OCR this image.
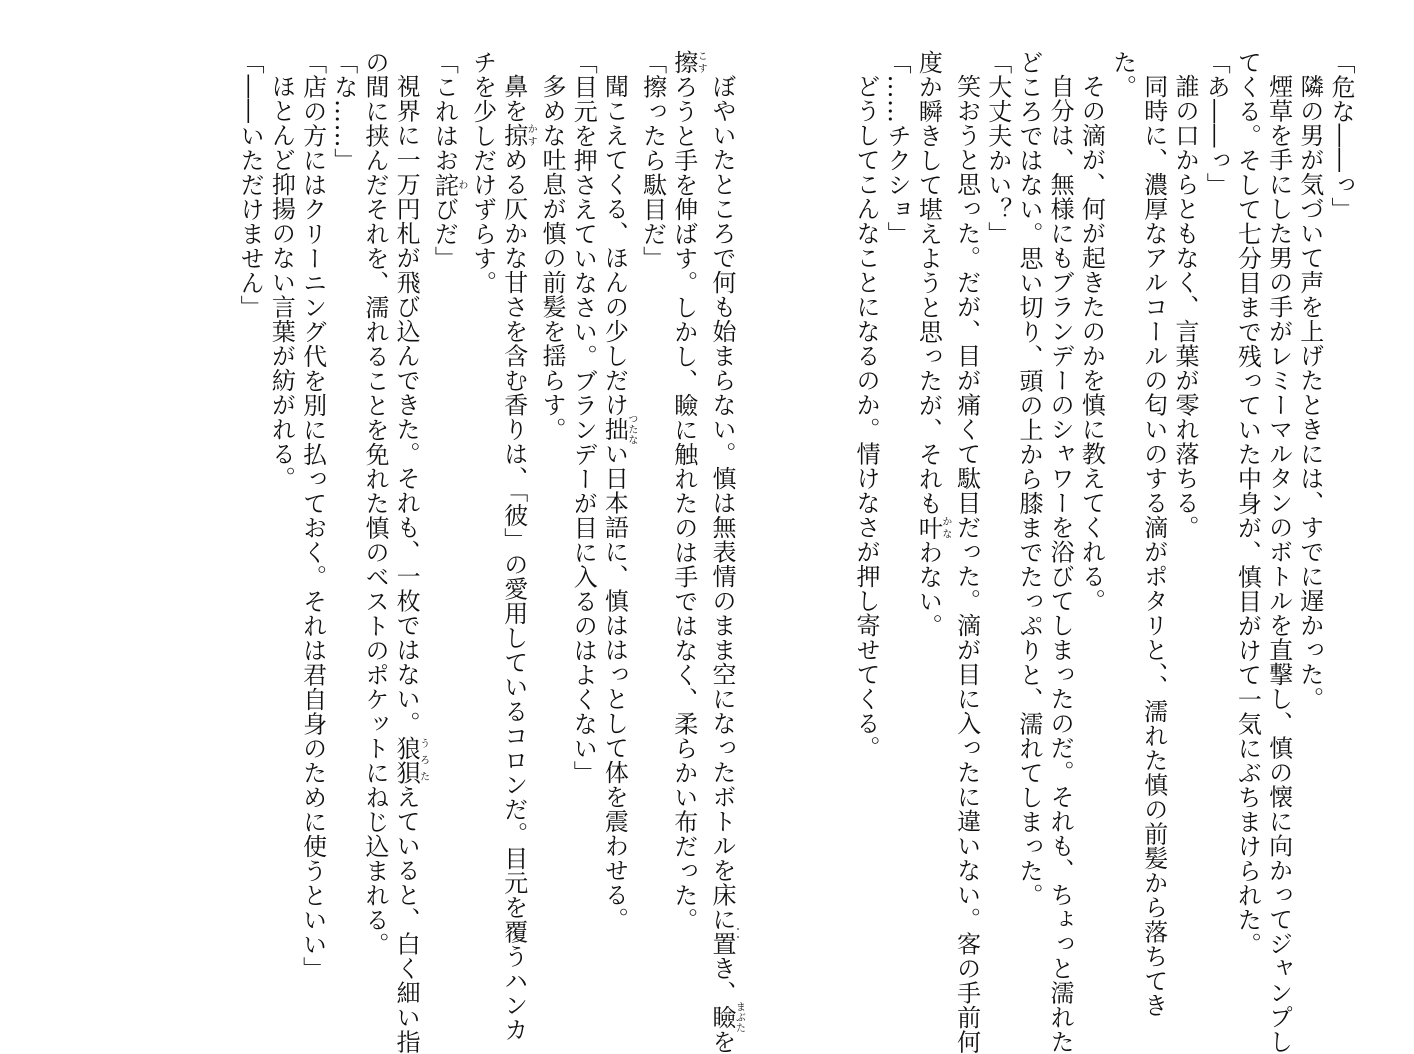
「危な――っ」
隣の男が気づいて声を上げたときには、すでに遅かった。
煙草を手にした男の手がレミーマルタンのボトルを直撃し、慎の懐に向かってジャンプし
てくる。そして七分目まで残っていた中身が、慎目がけて一気にぶちまけられた。
「あ――っ」
誰の口からともなく、言葉が零れ落ちる。
同時に、濃厚なアルコールの匂いのする滴がポタリと、、濡れた慎の前髪から落ちてき
た。
その滴が、何が起きたのかを慎に教えてくれる。
自分は、無様にもブランデーのシャワーを浴びてしまったのだ。それも、ちょっと濡れた
どころではない。思い切り、頭の上から膝までたっぷりと、濡れてしまった。
「大丈夫かい？」
笑おうと思った。だが、目が痛くて駄目だった。滴が目に入ったに違いない。客の手前何
度か瞬きして堪えようと思ったが、それも叶かなわない。
「……チクショ」
どうしてこんなことになるのか。情けなさが押し寄せてくる。
ぼやいたところで何も始まらない。慎は無表情のまま空になったボトルを床に置き、瞼まぶたを
擦こすろうと手を伸ばす。しかし、瞼に触れたのは手ではなく、柔らかい布だった。
「擦ったら駄目だ」
聞こえてくる、ほんの少しだけ拙つたない日本語に、慎ははっとして体を震わせる。
「目元を押さえていなさい。ブランデーが目に入るのはよくない」
多めな吐息が慎の前髪を揺らす。
鼻を掠かすめる仄かな甘さを含む香りは、「彼」の愛用しているコロンだ。目元を覆うハンカ
チを少しだけずらす。
「これはお詫わびだ」
視界に一万円札が飛び込んできた。それも、一枚ではない。狼狽うろたえていると、白く細い指
の間に挟んだそれを、濡れることを免れた慎のベストのポケットにねじ込まれる。
「な……」
「店の方にはクリーニング代を別に払っておく。それは君自身のために使うといい」
ほとんど抑揚のない言葉が紡がれる。
「――いただけません」
